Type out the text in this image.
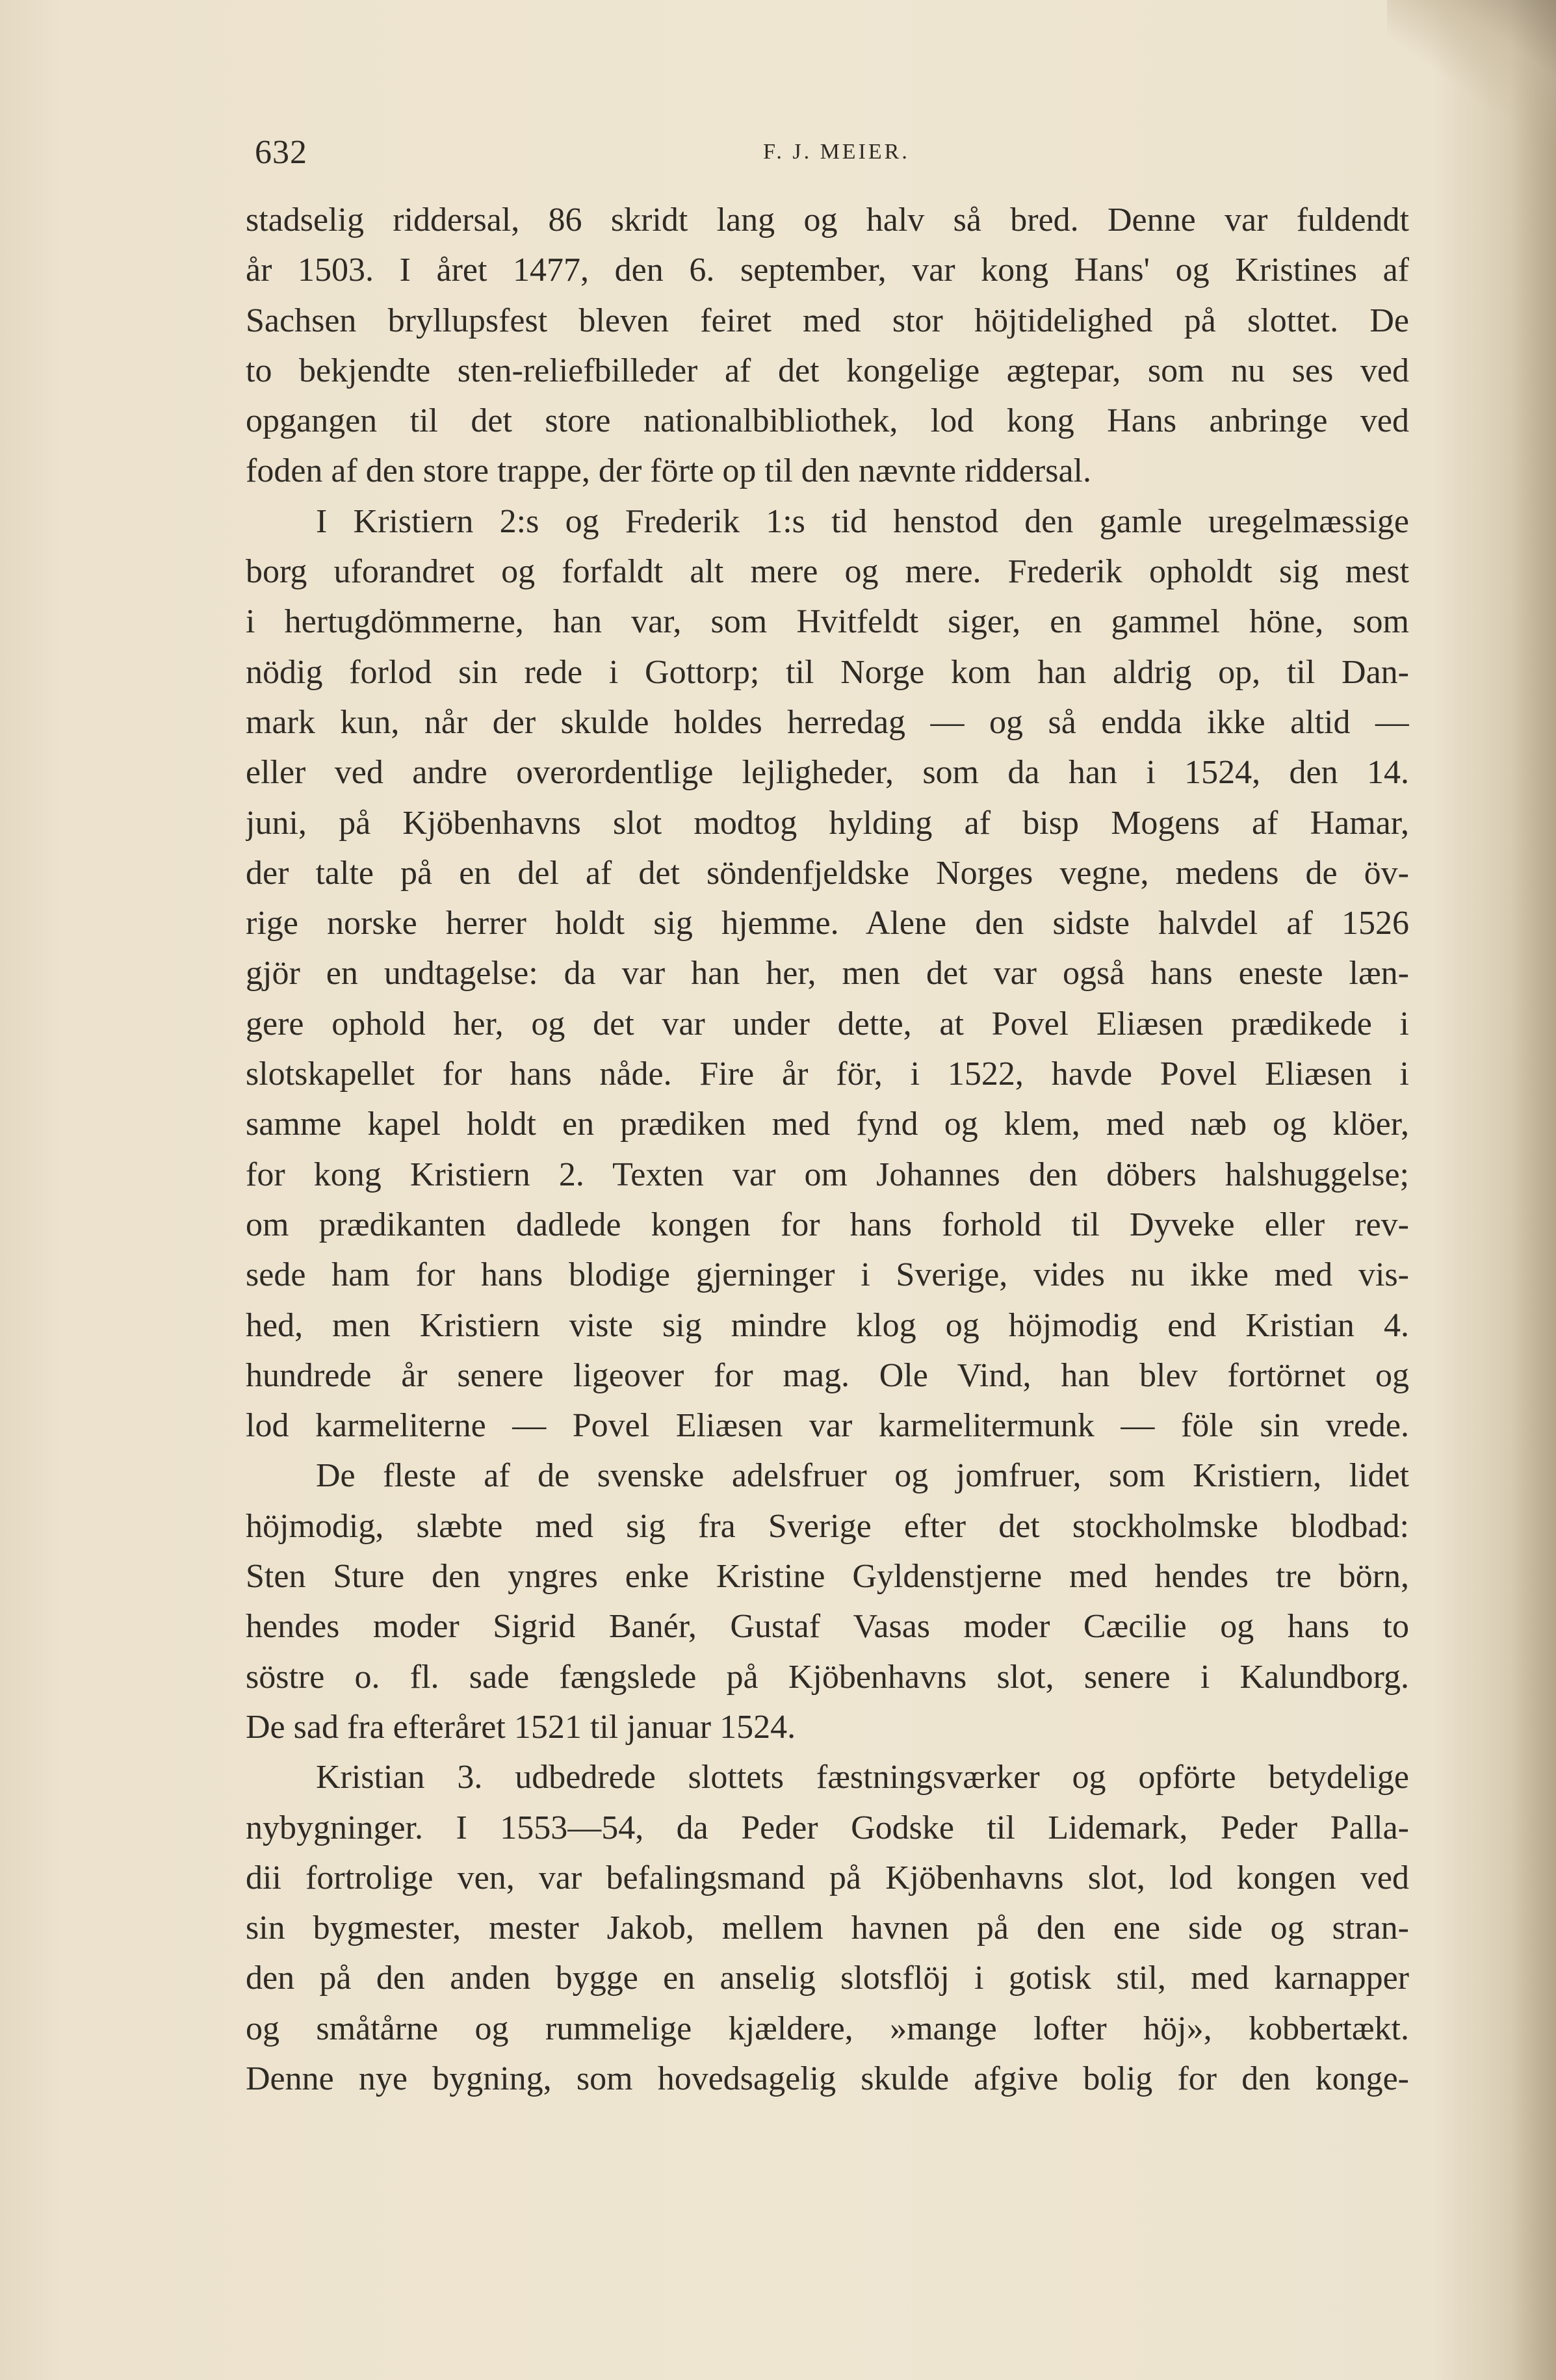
632	F. J. MEIER.
stadselig riddersal, 86 skridt lang og halv så bred. Denne var fuldendt
år 1503. I året 1477, den 6. september, var kong Hans' og Kristines af
Sachsen bryllupsfest bleven feiret med stor höjtidelighed på slottet. De
to bekjendte sten-reliefbilleder af det kongelige ægtepar, som nu ses ved
opgangen til det store nationalbibliothek, lod kong Hans anbringe ved
foden af den store trappe, der förte op til den nævnte riddersal.
I Kristiern 2:s og Frederik 1:s tid henstod den gamle uregelmæssige
borg uforandret og forfaldt alt mere og mere. Frederik opholdt sig mest
i hertugdömmerne, han var, som Hvitfeldt siger, en gammel höne, som
nödig forlod sin rede i Gottorp; til Norge kom han aldrig op, til Dan-
mark kun, når der skulde holdes herredag — og så endda ikke altid —
eller ved andre overordentlige lejligheder, som da han i 1524, den 14.
juni, på Kjöbenhavns slot modtog hylding af bisp Mogens af Hamar,
der talte på en del af det söndenfjeldske Norges vegne, medens de öv-
rige norske herrer holdt sig hjemme. Alene den sidste halvdel af 1526
gjör en undtagelse: da var han her, men det var også hans eneste læn-
gere ophold her, og det var under dette, at Povel Eliæsen prædikede i
slotskapellet for hans nåde. Fire år för, i 1522, havde Povel Eliæsen i
samme kapel holdt en prædiken med fynd og klem, med næb og klöer,
for kong Kristiern 2. Texten var om Johannes den döbers halshuggelse;
om prædikanten dadlede kongen for hans forhold til Dyveke eller rev-
sede ham for hans blodige gjerninger i Sverige, vides nu ikke med vis-
hed, men Kristiern viste sig mindre klog og höjmodig end Kristian 4.
hundrede år senere ligeover for mag. Ole Vind, han blev fortörnet og
lod karmeliterne — Povel Eliæsen var karmelitermunk — föle sin vrede.
De fleste af de svenske adelsfruer og jomfruer, som Kristiern, lidet
höjmodig, slæbte med sig fra Sverige efter det stockholmske blodbad:
Sten Sture den yngres enke Kristine Gyldenstjerne med hendes tre börn,
hendes moder Sigrid Banér, Gustaf Vasas moder Cæcilie og hans to
söstre o. fl. sade fængslede på Kjöbenhavns slot, senere i Kalundborg.
De sad fra efteråret 1521 til januar 1524.
Kristian 3. udbedrede slottets fæstningsværker og opförte betydelige
nybygninger. I 1553—54, da Peder Godske til Lidemark, Peder Palla-
dii fortrolige ven, var befalingsmand på Kjöbenhavns slot, lod kongen ved
sin bygmester, mester Jakob, mellem havnen på den ene side og stran-
den på den anden bygge en anselig slotsflöj i gotisk stil, med karnapper
og småtårne og rummelige kjældere, »mange lofter höj», kobbertækt.
Denne nye bygning, som hovedsagelig skulde afgive bolig for den konge-
